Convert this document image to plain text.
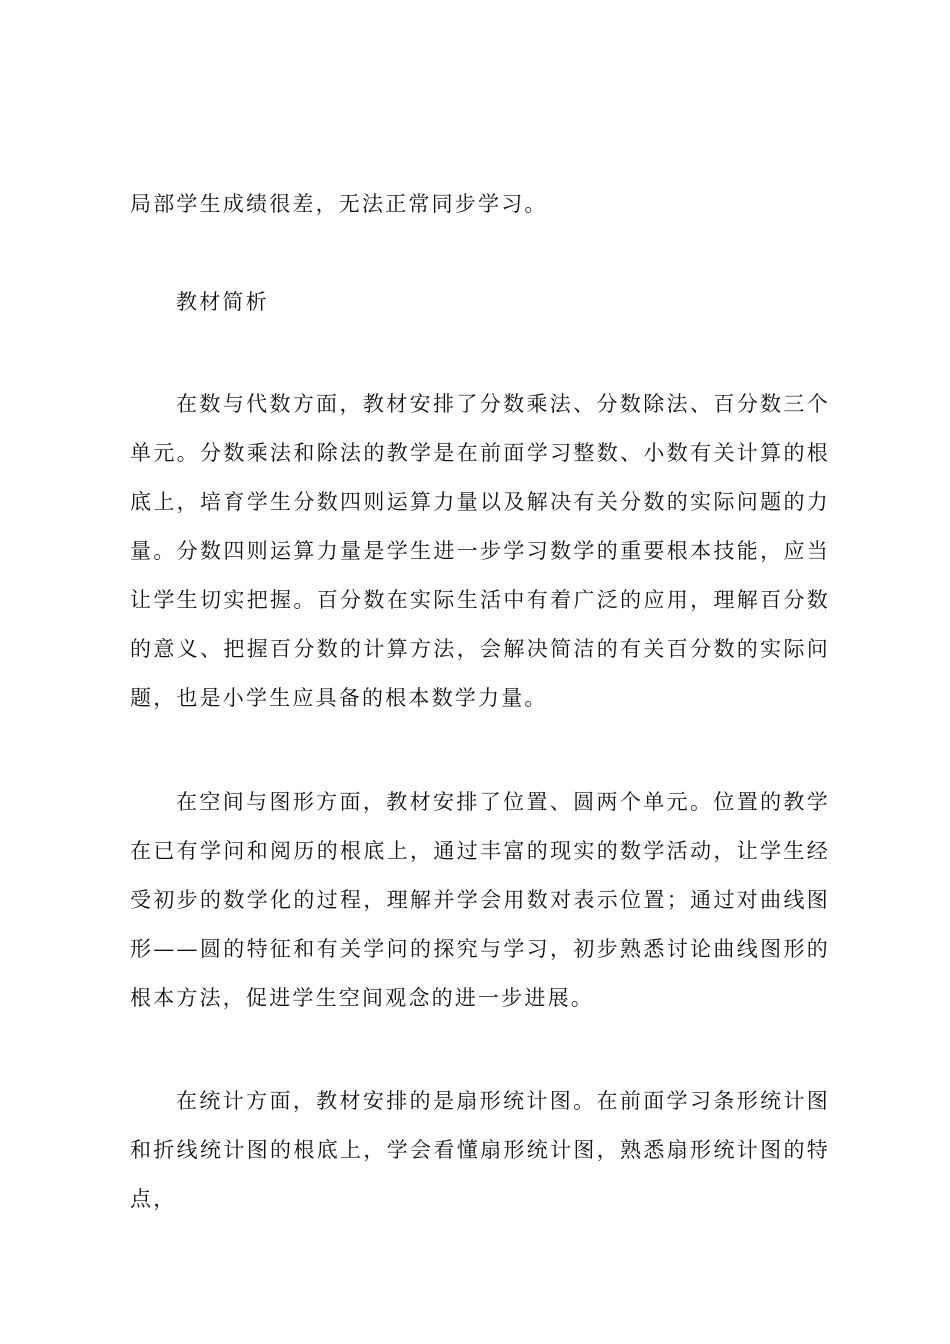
局部学生成绩很差，无法正常同步学习。

教材简析

在数与代数方面，教材安排了分数乘法、分数除法、百分数三个单元。分数乘法和除法的教学是在前面学习整数、小数有关计算的根底上，培育学生分数四则运算力量以及解决有关分数的实际问题的力量。分数四则运算力量是学生进一步学习数学的重要根本技能，应当让学生切实把握。百分数在实际生活中有着广泛的应用，理解百分数的意义、把握百分数的计算方法，会解决简洁的有关百分数的实际问题，也是小学生应具备的根本数学力量。

在空间与图形方面，教材安排了位置、圆两个单元。位置的教学在已有学问和阅历的根底上，通过丰富的现实的数学活动，让学生经受初步的数学化的过程，理解并学会用数对表示位置；通过对曲线图形——圆的特征和有关学问的探究与学习，初步熟悉讨论曲线图形的根本方法，促进学生空间观念的进一步进展。

在统计方面，教材安排的是扇形统计图。在前面学习条形统计图和折线统计图的根底上，学会看懂扇形统计图，熟悉扇形统计图的特点，
